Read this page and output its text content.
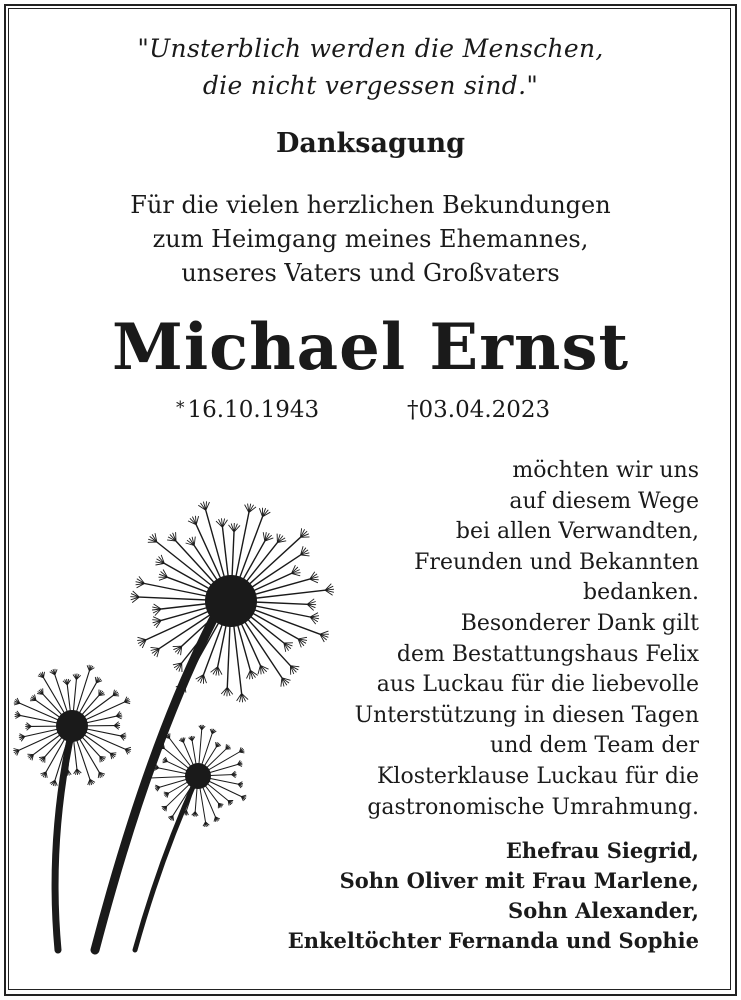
"Unsterblich werden die Menschen,
die nicht vergessen sind."
Danksagung
Für die vielen herzlichen Bekundungen
zum Heimgang meines Ehemannes,
unseres Vaters und Großvaters
Michael Ernst
* 16.10.1943	†03.04.2023
möchten wir uns
auf diesem Wege
bei allen Verwandten,
Freunden und Bekannten
bedanken.
Besonderer Dank gilt
dem Bestattungshaus Felix
aus Luckau für die liebevolle
Unterstützung in diesen Tagen
und dem Team der
Klosterklause Luckau für die
gastronomische Umrahmung.
Ehefrau Siegrid,
Sohn Oliver mit Frau Marlene,
Sohn Alexander,
Enkeltöchter Fernanda und Sophie
